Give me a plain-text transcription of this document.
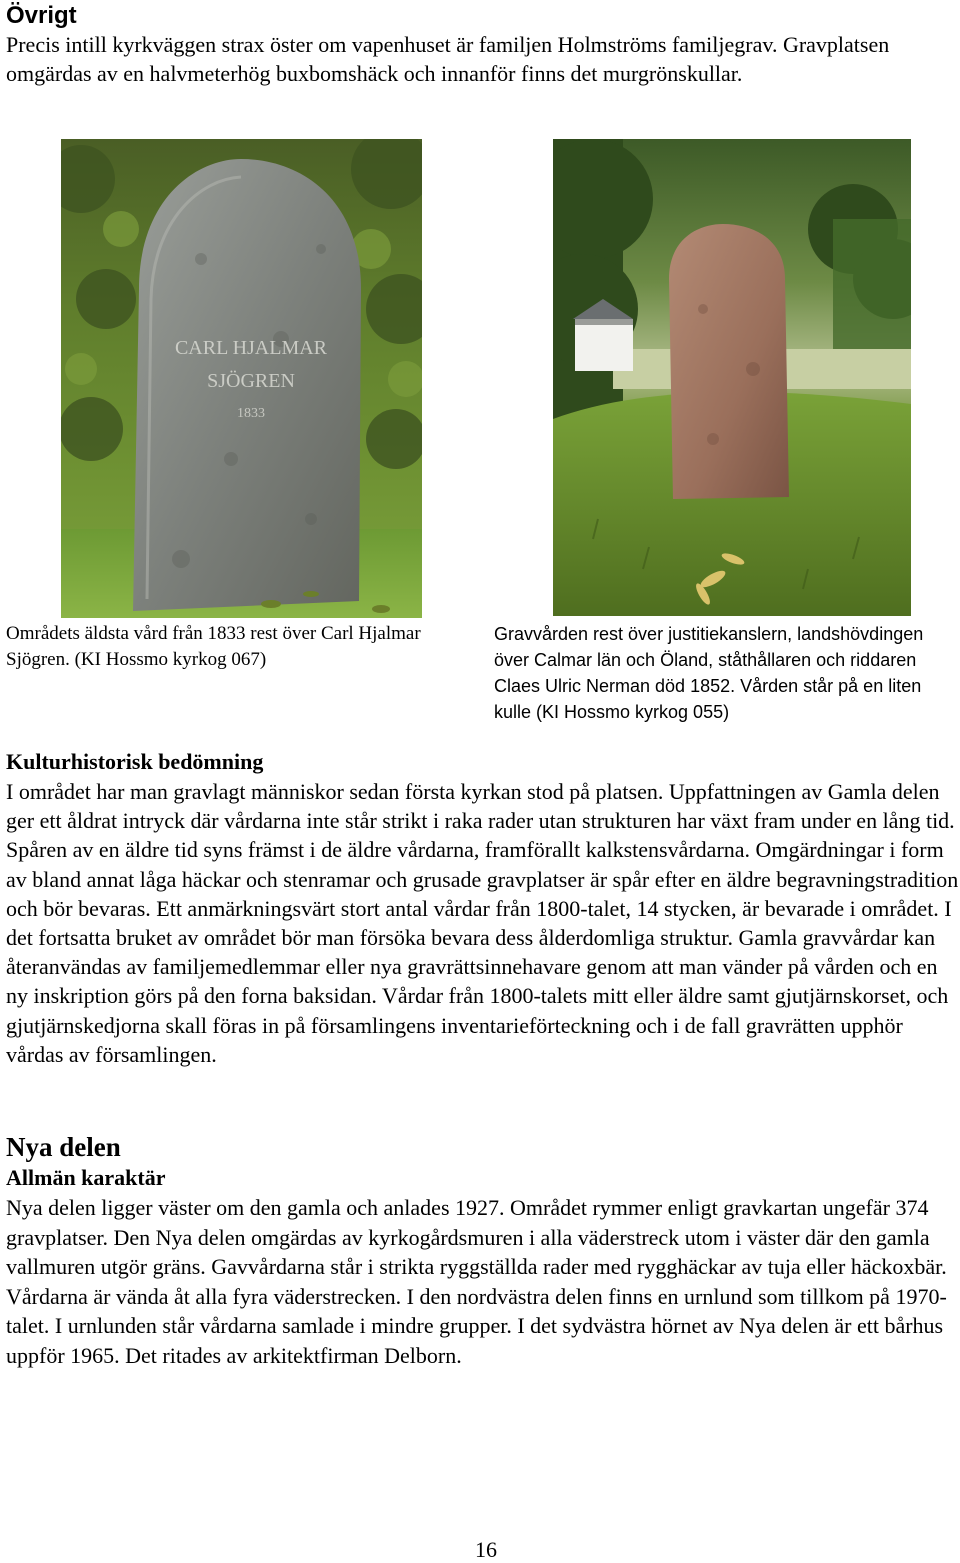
Övrigt
Precis intill kyrkväggen strax öster om vapenhuset är familjen Holmströms familjegrav. Gravplatsen omgärdas av en halvmeterhög buxbomshäck och innanför finns det murgrönskullar.
CARL HJALMAR
SJÖGREN
1833
Områdets äldsta vård från 1833 rest över Carl Hjalmar Sjögren. (KI Hossmo kyrkog 067)
Gravvården rest över justitiekanslern, landshövdingen över Calmar län och Öland, ståthållaren och riddaren Claes Ulric Nerman död 1852. Vården står på en liten kulle (KI Hossmo kyrkog 055)
Kulturhistorisk bedömning
I området har man gravlagt människor sedan första kyrkan stod på platsen. Uppfattningen av Gamla delen ger ett åldrat intryck där vårdarna inte står strikt i raka rader utan strukturen har växt fram under en lång tid. Spåren av en äldre tid syns främst i de äldre vårdarna, framförallt kalkstensvårdarna. Omgärdningar i form av bland annat låga häckar och stenramar och grusade gravplatser är spår efter en äldre begravningstradition och bör bevaras. Ett anmärkningsvärt stort antal vårdar från 1800-talet, 14 stycken, är bevarade i området. I det fortsatta bruket av området bör man försöka bevara dess ålderdomliga struktur. Gamla gravvårdar kan återanvändas av familjemedlemmar eller nya gravrättsinnehavare genom att man vänder på vården och en ny inskription görs på den forna baksidan. Vårdar från 1800-talets mitt eller äldre samt gjutjärnskorset, och gjutjärnskedjorna skall föras in på församlingens inventarieförteckning och i de fall gravrätten upphör vårdas av församlingen.
Nya delen
Allmän karaktär
Nya delen ligger väster om den gamla och anlades 1927. Området rymmer enligt gravkartan ungefär 374 gravplatser. Den Nya delen omgärdas av kyrkogårdsmuren i alla väderstreck utom i väster där den gamla vallmuren utgör gräns. Gavvårdarna står i strikta ryggställda rader med rygghäckar av tuja eller häckoxbär. Vårdarna är vända åt alla fyra väderstrecken. I den nordvästra delen finns en urnlund som tillkom på 1970-talet. I urnlunden står vårdarna samlade i mindre grupper. I det sydvästra hörnet av Nya delen är ett bårhus uppför 1965. Det ritades av arkitektfirman Delborn.
16
